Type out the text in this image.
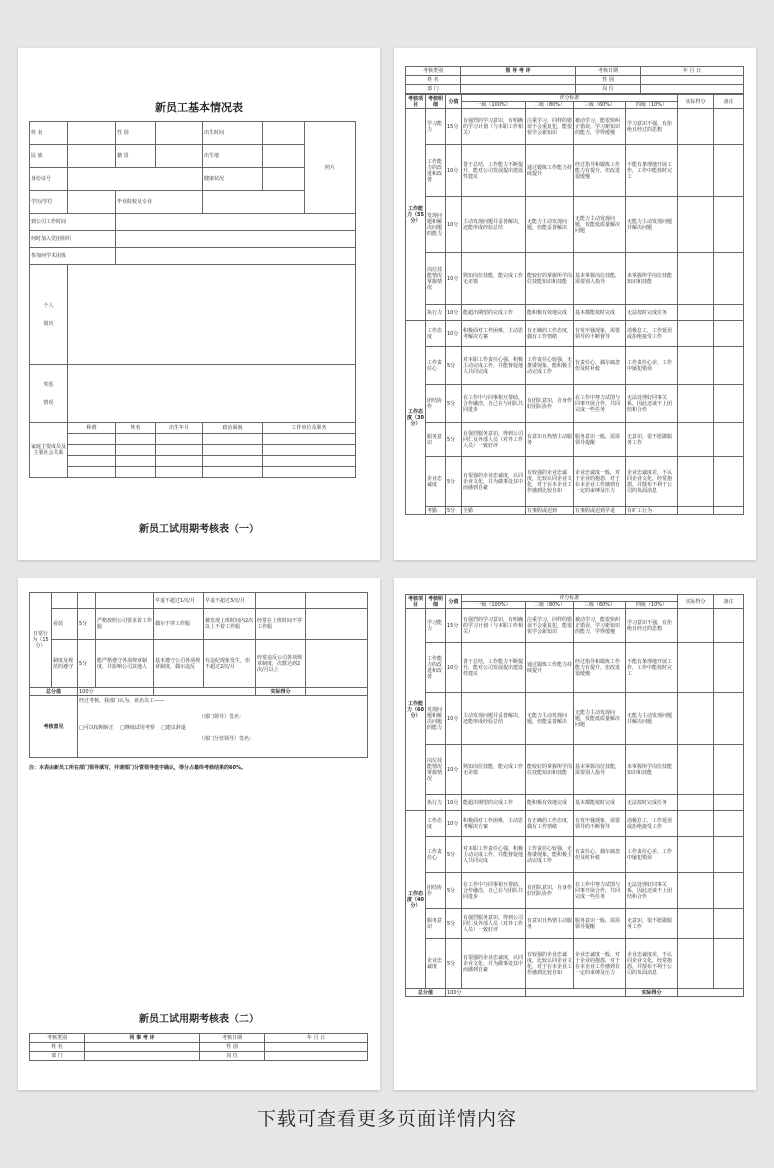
新员工基本情况表
姓 名		性 别		出生时间		照片
民 族		籍 贯		出生地		
身份证号				健康状况		
学历/学位		毕业院校及专业				
到公司工作时间						
何时加入党团组织						
参加何学术团体						
个人

简历						
奖惩

情况						
家庭主要成员及主要社会关系	称谓	姓名	出生年月	政治面貌	工作单位及职务	

新员工试用期考核表（一）
考核类别	领 导 考 评	考核日期	年 月 日
姓 名		性 别	
部 门		岗 位	
考核项目	考核明细	分值	评分标准				实际得分	备注
			一级（100%）	二级（80%）	三级（60%）	四级（10%）		
工作能力（55分）	学习能力	15分	有强烈的学习意识，有明确的学习计划（与本职工作相关）	注重学习，同样的错误不会重复犯，能很快学会新知识	被动学习，能很快纠正错误，学习新知识的能力，学得缓慢	学习意识不强，有拒绝且经过的思想		
	工作能力的改进和改善	10分	善于总结，工作能力不断提升，能对公司发展提出建设性建议	通过锻炼工作能力持续提升	经过指导和锻炼工作能力有提升，但改进很缓慢	不能有条理地开展工作，工作中能按时完工		
	发现问题和解决问题的能力	10分	主动发现问题并妥善解决，还能形成经验总结	无能力主动发现问题，但能妥善解决	无能力主动发现问题，仅能低质量解决问题	无能力主动发现问题并解决问题		
	岗位技能情况掌握情况	10分	熟知岗位技能，能完成工作无差错	能较好的掌握所学岗位技能知识和技能	基本掌握岗位技能，需要别人指导	未掌握所学岗位技能知识和技能		
	执行力	10分	能超出期望的完成工作	能积极有效地完成	基本都能按时完成	无法按时完成任务		
工作态度（30分）	工作态度	10分	积极面对工作困难，主动思考解决方案	有正确的工作态度，偶有工作情绪	有发牢骚现象，需要领导的不断督导	消极怠工，工作延误或拒绝接受工作		
	工作责任心	5分	对本职工作责任心强，积极主动完成工作，并能督促他人共同完成	工作责任心较强，无推诿现象，能积极主动完成工作	有责任心，偶尔疏忽但及时补救	工作责任心差，工作中屡犯错误		
	团结协作	5分	在工作中与同事相互帮助，合作融洽，自己在与团队共同进步	有团队意识，自身作好团队协作	在工作中努力试图与同事开展合作，共同完成一些任务	无法处理好同事关系，因此还谈不上团结和合作		
	服务意识	5分	有强烈服务意识，得到公司同仁及外部人员（对外工作人员）一致好评	有意识且热情主动服务	服务意识一般，需需领导提醒	无意识，很不愿做服务工作		
	企业忠诚度	5分	有很强的企业忠诚度，认同企业文化，并为做事处其中而感到自豪	有较强的企业忠诚度，比较认同企业文化，对于在本企业工作感到比较自如	企业忠诚度一般，对于企业的抱怨，对于在本企业工作感到有一定的束缚及压力	企业忠诚度差，不认同企业文化，经常抱怨，并散布不利于公司的负面消息		
	考勤	5分	全勤	有事假或迟到	有事假或迟到早退	有旷工行为		
日常行为（15分）				早退不超过1次/月	早退不超过3次/月		
	看装	5分	严格按照公司要求着工作服	偶尔不穿工作服	被发现上班时间内2次以上不着工作服	经常在上班时间不穿工作服	
	制度及规范的遵守	5分	能严格遵守各项规章制度，并影响公司其他人	基本遵守公司各项规章制度，偶尔违反	有违纪现象发生，但不超过2次/月	经常违反公司各项规章制度，次数达到2次/月以上	
总分值		100分				实际得分	
考核意见		经过考核，我部门认为，该名员工——
（部门领导）签名：
□可以按期转正 □继续试用考察 □建议辞退
（部门分管领导）签名：					
注：本表由新员工所在部门领导填写，并请部门分管领导签字确认，得分占最终考核结果的60%。
新员工试用期考核表（二）
考核类别	同 事 考 评	考核日期	年 月 日
姓 名		性 别	
部 门		岗 位	
考核项目	考核明细	分值	评分标准				实际得分	备注
			一级（100%）	二级（80%）	三级（60%）	四级（10%）		
工作能力（60分）	学习能力	15分	有强烈的学习意识，有明确的学习计划（与本职工作相关）	注重学习，同样的错误不会重复犯，能很快学会新知识	被动学习，能很快纠正错误，学习新知识的能力，学得缓慢	学习意识不强，有拒绝且经过的思想		
	工作能力的改进和改善	10分	善于总结，工作能力不断提升，能对公司发展提出建设性建议	通过锻炼工作能力持续提升	经过指导和锻炼工作能力有提升，但改进很缓慢	不能有条理地开展工作，工作中能按时完工		
	发现问题和解决问题的能力	10分	主动发现问题并妥善解决，还能形成经验总结	无能力主动发现问题，但能妥善解决	无能力主动发现问题，仅能低质量解决问题	无能力主动发现问题并解决问题		
	岗位技能情况掌握情况	10分	熟知岗位技能，能完成工作无差错	能较好的掌握所学岗位技能知识和技能	基本掌握岗位技能，需要别人指导	未掌握所学岗位技能知识和技能		
	执行力	10分	能超出期望的完成工作	能积极有效地完成	基本都能按时完成	无法按时完成任务		
工作态度（40分）	工作态度	10分	积极面对工作困难，主动思考解决方案	有正确的工作态度，偶有工作情绪	有发牢骚现象，需要领导的不断督导	消极怠工，工作延误或拒绝接受工作		
	工作责任心	5分	对本职工作责任心强，积极主动完成工作，并能督促他人共同完成	工作责任心较强，无推诿现象，能积极主动完成工作	有责任心，偶尔疏忽但及时补救	工作责任心差，工作中屡犯错误		
	团结协作	5分	在工作中与同事相互帮助，合作融洽，自己在与团队共同进步	有团队意识，自身作好团队协作	在工作中努力试图与同事开展合作，共同完成一些任务	无法处理好同事关系，因此还谈不上团结和合作		
	服务意识	5分	有强烈服务意识，得到公司同仁及外部人员（对外工作人员）一致好评	有意识且热情主动服务	服务意识一般，需需领导提醒	无意识，很不愿做服务工作		
	企业忠诚度	5分	有很强的企业忠诚度，认同企业文化，并为做事处其中而感到自豪	有较强的企业忠诚度，比较认同企业文化，对于在本企业工作感到比较自如	企业忠诚度一般，对于企业的抱怨，对于在本企业工作感到有一定的束缚及压力	企业忠诚度差，不认同企业文化，经常抱怨，并散布不利于公司的负面消息		
总分值		100分				实际得分		
下载可查看更多页面详情内容
